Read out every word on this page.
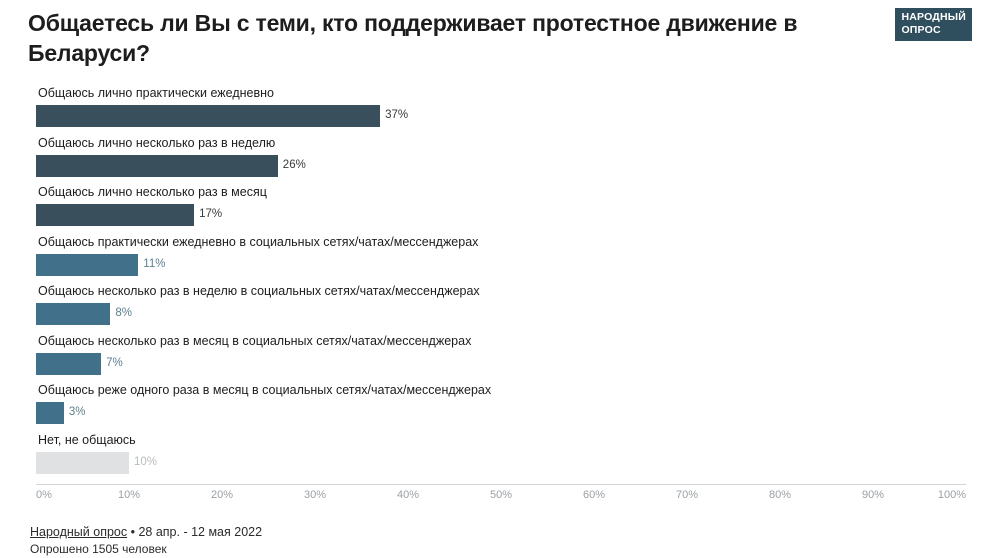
Общаетесь ли Вы с теми, кто поддерживает протестное движение в Беларуси?
НАРОДНЫЙ
ОПРОС
Общаюсь лично практически ежедневно
37%
Общаюсь лично несколько раз в неделю
26%
Общаюсь лично несколько раз в месяц
17%
Общаюсь практически ежедневно в социальных сетях/чатах/мессенджерах
11%
Общаюсь несколько раз в неделю в социальных сетях/чатах/мессенджерах
8%
Общаюсь несколько раз в месяц в социальных сетях/чатах/мессенджерах
7%
Общаюсь реже одного раза в месяц в социальных сетях/чатах/мессенджерах
3%
Нет, не общаюсь
10%
0%	10%	20%	30%	40%	50%	60%	70%	80%	90%	100%
Народный опрос • 28 апр. - 12 мая 2022
Опрошено 1505 человек
